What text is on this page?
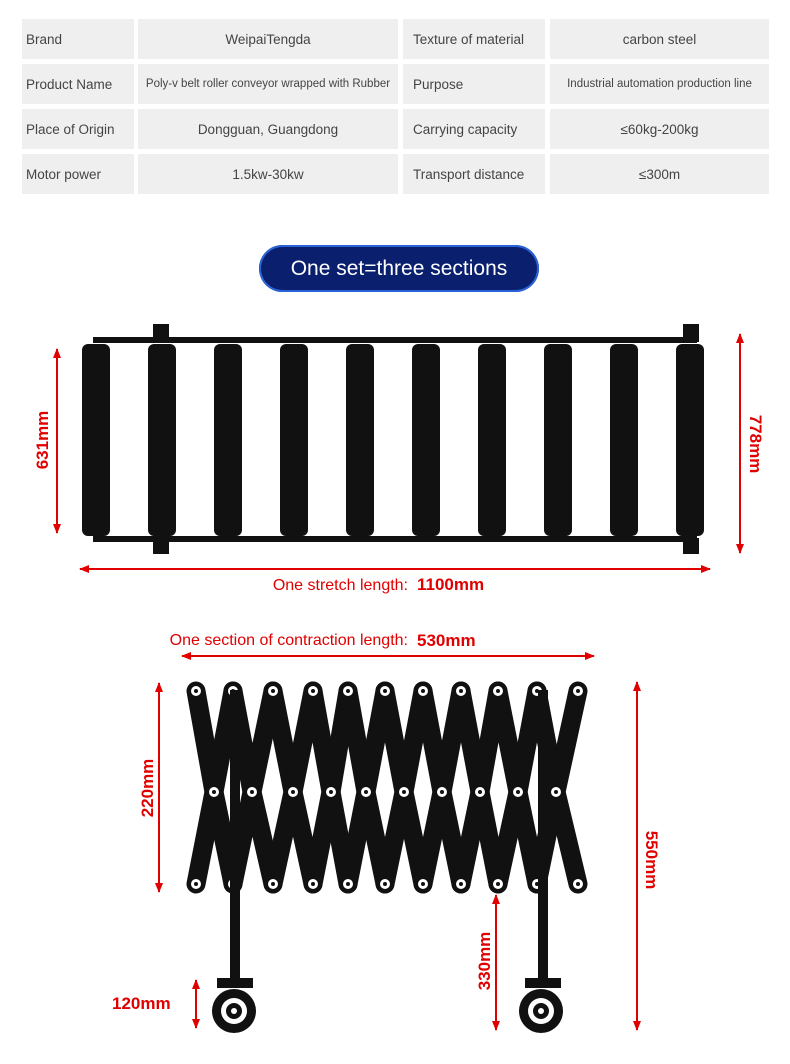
Brand	WeipaiTengda	Texture of material	carbon steel
Product Name	Poly-v belt roller conveyor wrapped with Rubber	Purpose	Industrial automation production line
Place of Origin	Dongguan, Guangdong	Carrying capacity	≤60kg-200kg
Motor power	1.5kw-30kw	Transport distance	≤300m
One set=three sections
631mm	778mm
One stretch length: 1100mm
One section of contraction length: 530mm
220mm
550mm
330mm
120mm
